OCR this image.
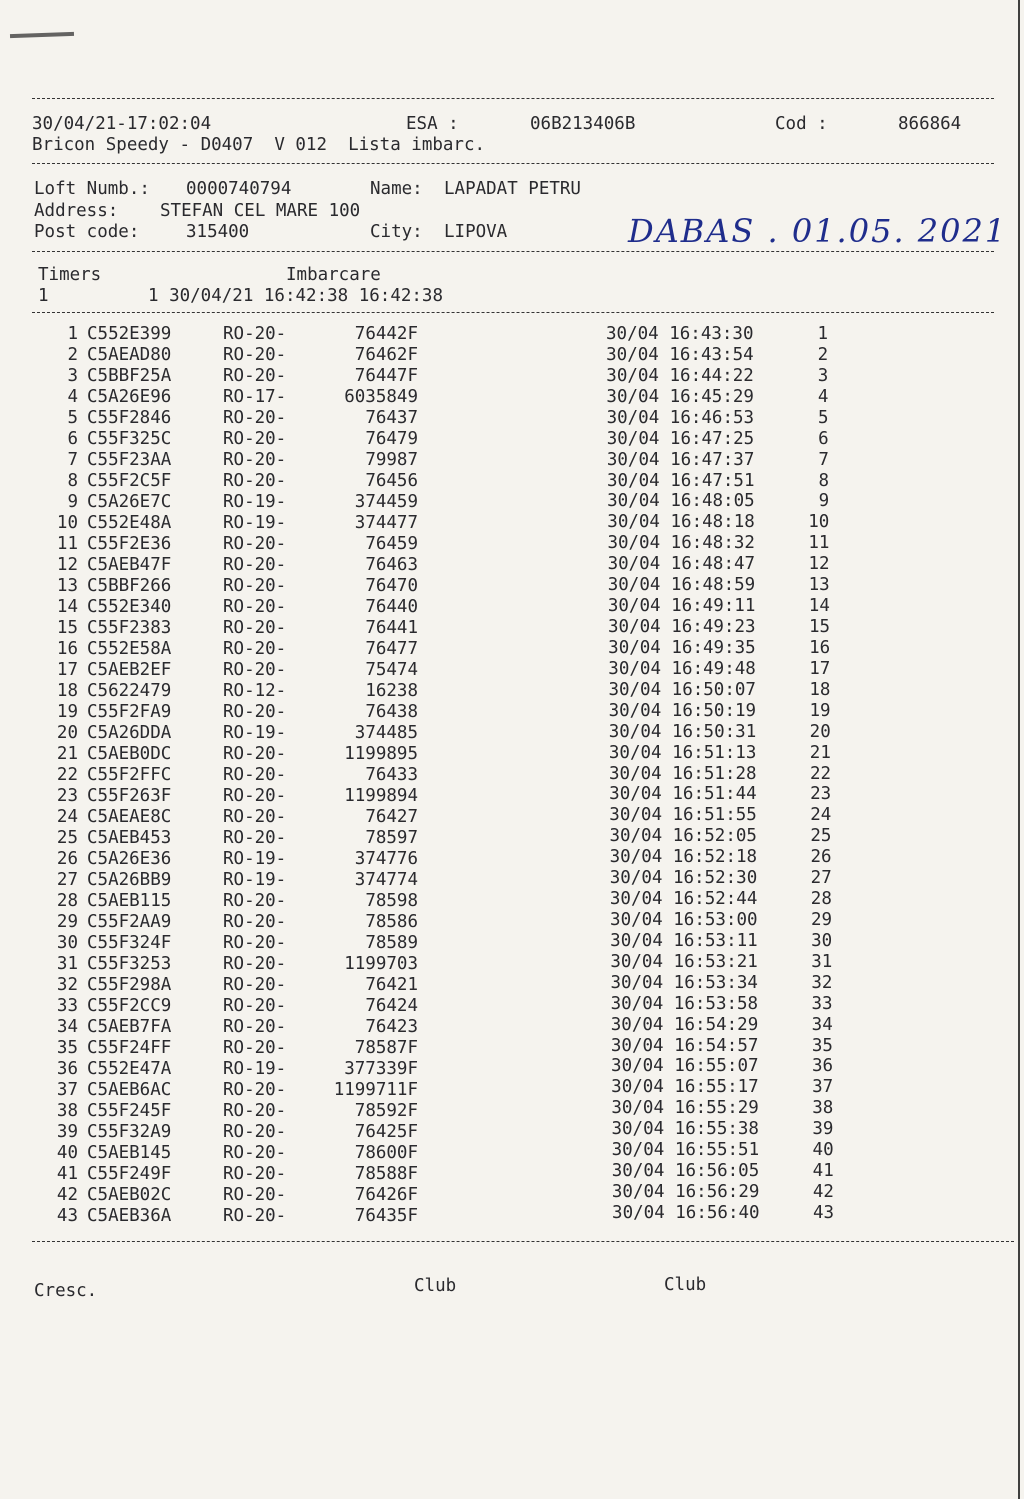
30/04/21-17:02:04	ESA :	06B213406B	Cod :	866864
Bricon Speedy - D0407  V 012  Lista imbarc.
Loft Numb.: 0000740794	Name: LAPADAT PETRU
Address: STEFAN CEL MARE 100
Post code:	315400	City: LIPOVA	DABAS . 01.05. 2021
Timers	Imbarcare
1	1 30/04/21 16:42:38 16:42:38
1 C552E399	RO-20-	76442F	30/04 16:43:30	1
2 C5AEAD80	RO-20-	76462F	30/04 16:43:54	2
3 C5BBF25A	RO-20-	76447F	30/04 16:44:22	3
4 C5A26E96	RO-17-	6035849	30/04 16:45:29	4
5 C55F2846	RO-20-	76437	30/04 16:46:53	5
6 C55F325C	RO-20-	76479	30/04 16:47:25	6
7 C55F23AA	RO-20-	79987	30/04 16:47:37	7
8 C55F2C5F	RO-20-	76456	30/04 16:47:51	8
9 C5A26E7C	RO-19-	374459	30/04 16:48:05	9
10 C552E48A	RO-19-	374477	30/04 16:48:18	10
11 C55F2E36	RO-20-	76459	30/04 16:48:32	11
12 C5AEB47F	RO-20-	76463	30/04 16:48:47	12
13 C5BBF266	RO-20-	76470	30/04 16:48:59	13
14 C552E340	RO-20-	76440	30/04 16:49:11	14
15 C55F2383	RO-20-	76441	30/04 16:49:23	15
16 C552E58A	RO-20-	76477	30/04 16:49:35	16
17 C5AEB2EF	RO-20-	75474	30/04 16:49:48	17
18 C5622479	RO-12-	16238	30/04 16:50:07	18
19 C55F2FA9	RO-20-	76438	30/04 16:50:19	19
20 C5A26DDA	RO-19-	374485	30/04 16:50:31	20
21 C5AEB0DC	RO-20-	1199895	30/04 16:51:13	21
22 C55F2FFC	RO-20-	76433	30/04 16:51:28	22
23 C55F263F	RO-20-	1199894	30/04 16:51:44	23
24 C5AEAE8C	RO-20-	76427	30/04 16:51:55	24
25 C5AEB453	RO-20-	78597	30/04 16:52:05	25
26 C5A26E36	RO-19-	374776	30/04 16:52:18	26
27 C5A26BB9	RO-19-	374774	30/04 16:52:30	27
28 C5AEB115	RO-20-	78598	30/04 16:52:44	28
29 C55F2AA9	RO-20-	78586	30/04 16:53:00	29
30 C55F324F	RO-20-	78589	30/04 16:53:11	30
31 C55F3253	RO-20-	1199703	30/04 16:53:21	31
32 C55F298A	RO-20-	76421	30/04 16:53:34	32
33 C55F2CC9	RO-20-	76424	30/04 16:53:58	33
34 C5AEB7FA	RO-20-	76423	30/04 16:54:29	34
35 C55F24FF	RO-20-	78587F	30/04 16:54:57	35
36 C552E47A	RO-19-	377339F	30/04 16:55:07	36
37 C5AEB6AC	RO-20-	1199711F	30/04 16:55:17	37
38 C55F245F	RO-20-	78592F	30/04 16:55:29	38
39 C55F32A9	RO-20-	76425F	30/04 16:55:38	39
40 C5AEB145	RO-20-	78600F	30/04 16:55:51	40
41 C55F249F	RO-20-	78588F	30/04 16:56:05	41
42 C5AEB02C	RO-20-	76426F	30/04 16:56:29	42
43 C5AEB36A	RO-20-	76435F	30/04 16:56:40	43
Cresc.	Club	Club
